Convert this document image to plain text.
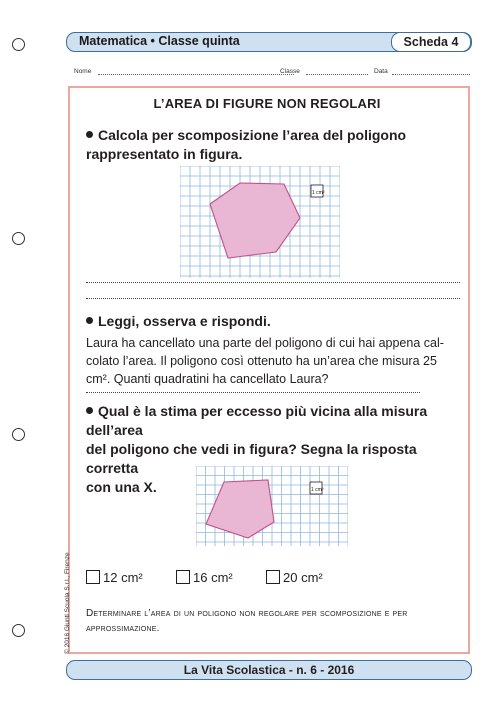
Matematica • Classe quinta	Scheda 4
Nome	Classe	Data
L’AREA DI FIGURE NON REGOLARI
Calcola per scomposizione l’area del poligono
rappresentato in figura.
1 cm²
Leggi, osserva e rispondi.
Laura ha cancellato una parte del poligono di cui hai appena cal-
colato l’area. Il poligono così ottenuto ha un’area che misura 25
cm². Quanti quadratini ha cancellato Laura?
Qual è la stima per eccesso più vicina alla misura dell’area
del poligono che vedi in figura? Segna la risposta corretta
con una X.	1 cm²
12 cm²	16 cm²	20 cm²
Determinare l’area di un poligono non regolare per scomposizione e per
approssimazione.
La Vita Scolastica - n. 6 - 2016
© 2016 Giunti Scuola S.r.l., Firenze
